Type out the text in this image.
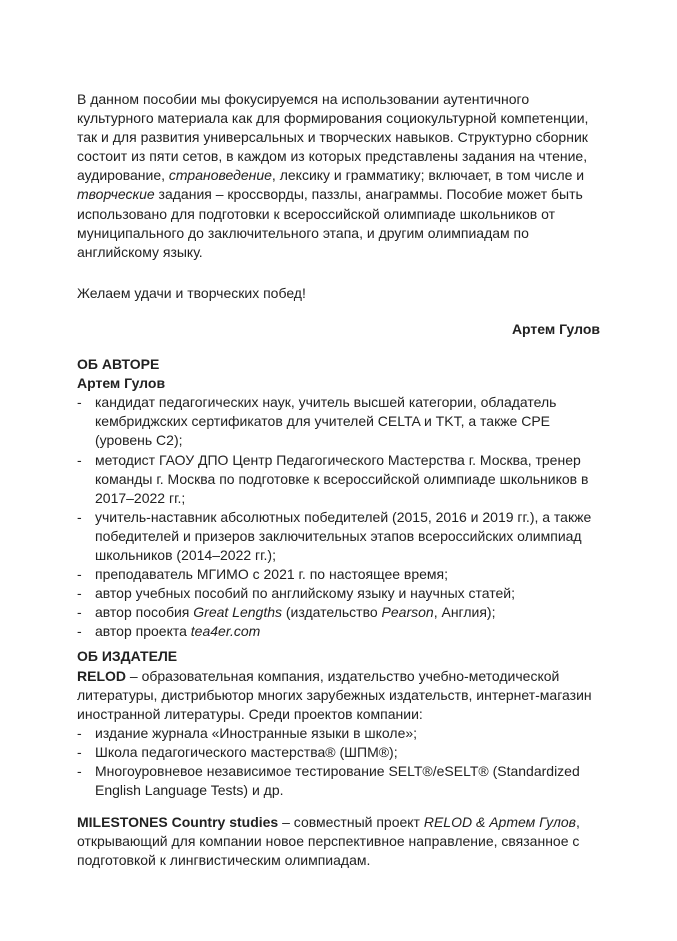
В данном пособии мы фокусируемся на использовании аутентичного культурного материала как для формирования социокультурной компетенции, так и для развития универсальных и творческих навыков. Структурно сборник состоит из пяти сетов, в каждом из которых представлены задания на чтение, аудирование, страноведение, лексику и грамматику; включает, в том числе и творческие задания – кроссворды, паззлы, анаграммы. Пособие может быть использовано для подготовки к всероссийской олимпиаде школьников от муниципального до заключительного этапа, и другим олимпиадам по английскому языку.

Желаем удачи и творческих побед!

Артем Гулов

ОБ АВТОРЕ

Артем Гулов

- кандидат педагогических наук, учитель высшей категории, обладатель кембриджских сертификатов для учителей CELTA и TKT, а также CPE (уровень C2);
- методист ГАОУ ДПО Центр Педагогического Мастерства г. Москва, тренер команды г. Москва по подготовке к всероссийской олимпиаде школьников в 2017–2022 гг.;
- учитель-наставник абсолютных победителей (2015, 2016 и 2019 гг.), а также победителей и призеров заключительных этапов всероссийских олимпиад школьников (2014–2022 гг.);
- преподаватель МГИМО с 2021 г. по настоящее время;
- автор учебных пособий по английскому языку и научных статей;
- автор пособия Great Lengths (издательство Pearson, Англия);
- автор проекта tea4er.com

ОБ ИЗДАТЕЛЕ

RELOD – образовательная компания, издательство учебно-методической литературы, дистрибьютор многих зарубежных издательств, интернет-магазин иностранной литературы. Среди проектов компании:

- издание журнала «Иностранные языки в школе»;
- Школа педагогического мастерства® (ШПМ®);
- Многоуровневое независимое тестирование SELT®/eSELT® (Standardized English Language Tests) и др.

MILESTONES Country studies – совместный проект RELOD & Артем Гулов, открывающий для компании новое перспективное направление, связанное с подготовкой к лингвистическим олимпиадам.
